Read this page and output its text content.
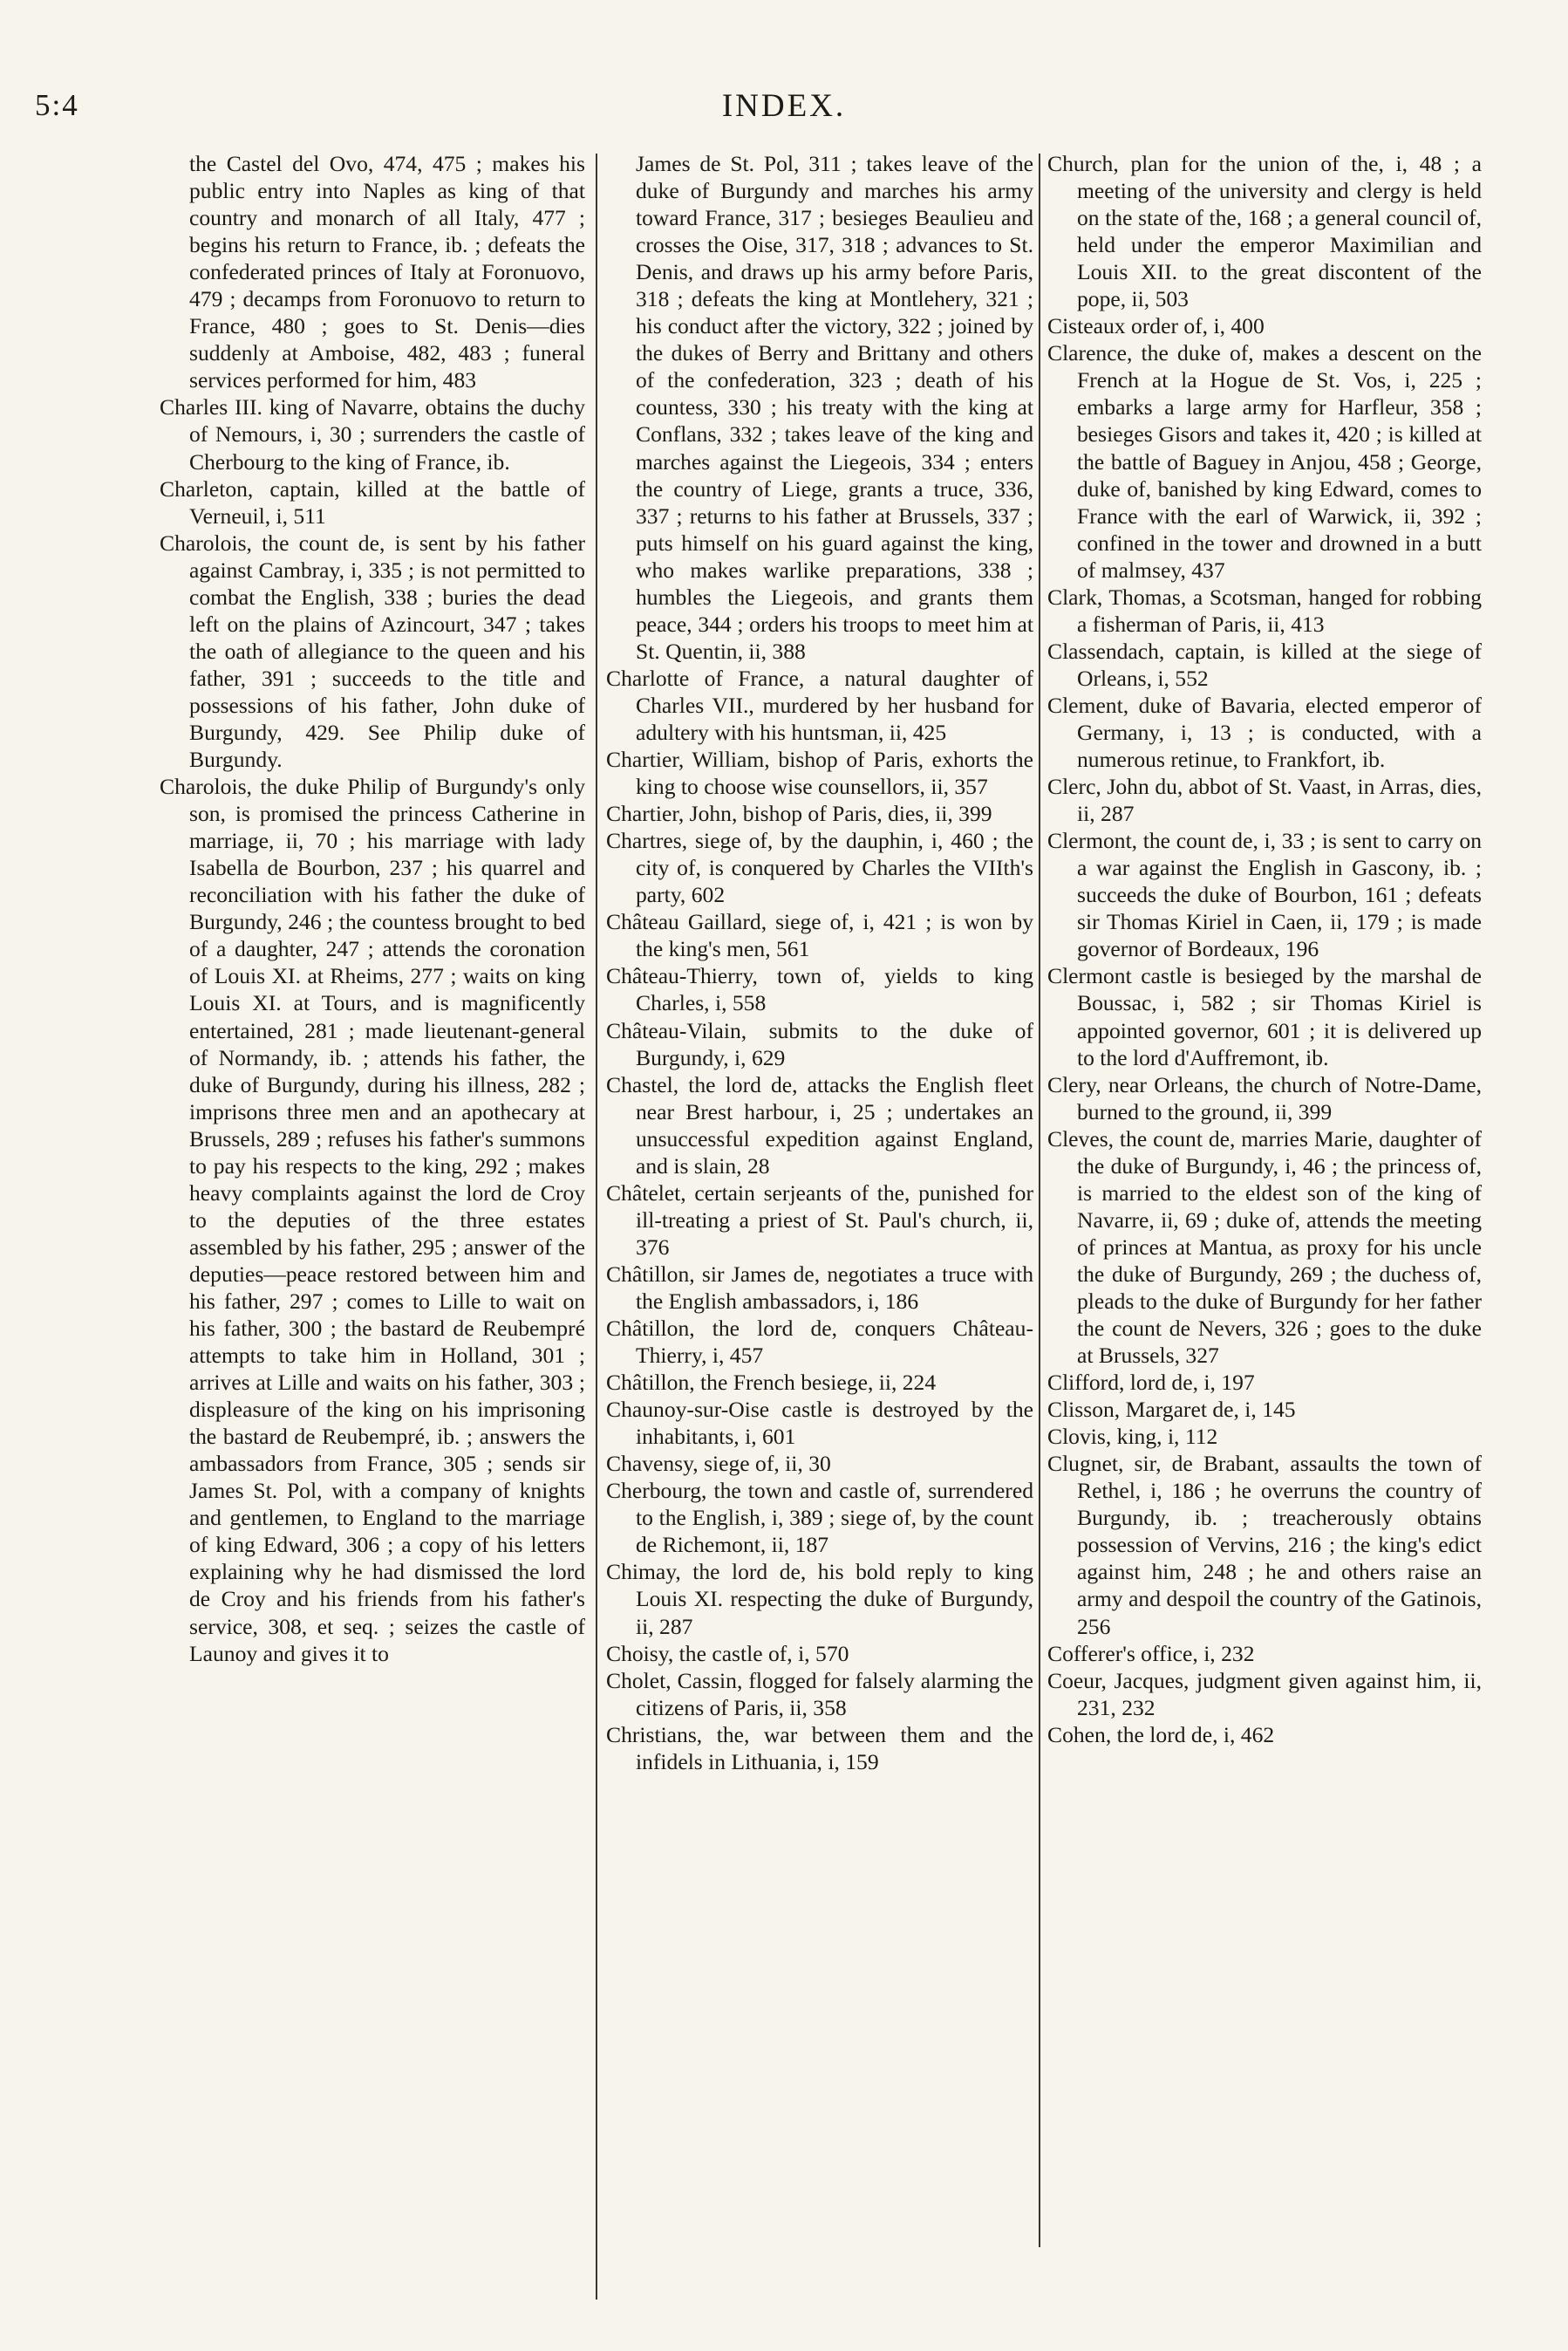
5:4	INDEX.

the Castel del Ovo, 474, 475 ; makes his public entry into Naples as king of that country and monarch of all Italy, 477 ; begins his return to France, ib. ; defeats the confederated princes of Italy at Foronuovo, 479 ; decamps from Foronuovo to return to France, 480 ; goes to St. Denis—dies suddenly at Amboise, 482, 483 ; funeral services performed for him, 483

Charles III. king of Navarre, obtains the duchy of Nemours, i, 30 ; surrenders the castle of Cherbourg to the king of France, ib.

Charleton, captain, killed at the battle of Verneuil, i, 511

Charolois, the count de, is sent by his father against Cambray, i, 335 ; is not permitted to combat the English, 338 ; buries the dead left on the plains of Azincourt, 347 ; takes the oath of allegiance to the queen and his father, 391 ; succeeds to the title and possessions of his father, John duke of Burgundy, 429. See Philip duke of Burgundy.

Charolois, the duke Philip of Burgundy's only son, is promised the princess Catherine in marriage, ii, 70 ; his marriage with lady Isabella de Bourbon, 237 ; his quarrel and reconciliation with his father the duke of Burgundy, 246 ; the countess brought to bed of a daughter, 247 ; attends the coronation of Louis XI. at Rheims, 277 ; waits on king Louis XI. at Tours, and is magnificently entertained, 281 ; made lieutenant-general of Normandy, ib. ; attends his father, the duke of Burgundy, during his illness, 282 ; imprisons three men and an apothecary at Brussels, 289 ; refuses his father's summons to pay his respects to the king, 292 ; makes heavy complaints against the lord de Croy to the deputies of the three estates assembled by his father, 295 ; answer of the deputies—peace restored between him and his father, 297 ; comes to Lille to wait on his father, 300 ; the bastard de Reubempré attempts to take him in Holland, 301 ; arrives at Lille and waits on his father, 303 ; displeasure of the king on his imprisoning the bastard de Reubempré, ib. ; answers the ambassadors from France, 305 ; sends sir James St. Pol, with a company of knights and gentlemen, to England to the marriage of king Edward, 306 ; a copy of his letters explaining why he had dismissed the lord de Croy and his friends from his father's service, 308, et seq. ; seizes the castle of Launoy and gives it to

James de St. Pol, 311 ; takes leave of the duke of Burgundy and marches his army toward France, 317 ; besieges Beaulieu and crosses the Oise, 317, 318 ; advances to St. Denis, and draws up his army before Paris, 318 ; defeats the king at Montlehery, 321 ; his conduct after the victory, 322 ; joined by the dukes of Berry and Brittany and others of the confederation, 323 ; death of his countess, 330 ; his treaty with the king at Conflans, 332 ; takes leave of the king and marches against the Liegeois, 334 ; enters the country of Liege, grants a truce, 336, 337 ; returns to his father at Brussels, 337 ; puts himself on his guard against the king, who makes warlike preparations, 338 ; humbles the Liegeois, and grants them peace, 344 ; orders his troops to meet him at St. Quentin, ii, 388

Charlotte of France, a natural daughter of Charles VII., murdered by her husband for adultery with his huntsman, ii, 425

Chartier, William, bishop of Paris, exhorts the king to choose wise counsellors, ii, 357

Chartier, John, bishop of Paris, dies, ii, 399

Chartres, siege of, by the dauphin, i, 460 ; the city of, is conquered by Charles the VIIth's party, 602

Château Gaillard, siege of, i, 421 ; is won by the king's men, 561

Château-Thierry, town of, yields to king Charles, i, 558

Château-Vilain, submits to the duke of Burgundy, i, 629

Chastel, the lord de, attacks the English fleet near Brest harbour, i, 25 ; undertakes an unsuccessful expedition against England, and is slain, 28

Châtelet, certain serjeants of the, punished for ill-treating a priest of St. Paul's church, ii, 376

Châtillon, sir James de, negotiates a truce with the English ambassadors, i, 186

Châtillon, the lord de, conquers Château-Thierry, i, 457

Châtillon, the French besiege, ii, 224

Chaunoy-sur-Oise castle is destroyed by the inhabitants, i, 601

Chavensy, siege of, ii, 30

Cherbourg, the town and castle of, surrendered to the English, i, 389 ; siege of, by the count de Richemont, ii, 187

Chimay, the lord de, his bold reply to king Louis XI. respecting the duke of Burgundy, ii, 287

Choisy, the castle of, i, 570

Cholet, Cassin, flogged for falsely alarming the citizens of Paris, ii, 358

Christians, the, war between them and the infidels in Lithuania, i, 159

Church, plan for the union of the, i, 48 ; a meeting of the university and clergy is held on the state of the, 168 ; a general council of, held under the emperor Maximilian and Louis XII. to the great discontent of the pope, ii, 503

Cisteaux order of, i, 400

Clarence, the duke of, makes a descent on the French at la Hogue de St. Vos, i, 225 ; embarks a large army for Harfleur, 358 ; besieges Gisors and takes it, 420 ; is killed at the battle of Baguey in Anjou, 458 ; George, duke of, banished by king Edward, comes to France with the earl of Warwick, ii, 392 ; confined in the tower and drowned in a butt of malmsey, 437

Clark, Thomas, a Scotsman, hanged for robbing a fisherman of Paris, ii, 413

Classendach, captain, is killed at the siege of Orleans, i, 552

Clement, duke of Bavaria, elected emperor of Germany, i, 13 ; is conducted, with a numerous retinue, to Frankfort, ib.

Clerc, John du, abbot of St. Vaast, in Arras, dies, ii, 287

Clermont, the count de, i, 33 ; is sent to carry on a war against the English in Gascony, ib. ; succeeds the duke of Bourbon, 161 ; defeats sir Thomas Kiriel in Caen, ii, 179 ; is made governor of Bordeaux, 196

Clermont castle is besieged by the marshal de Boussac, i, 582 ; sir Thomas Kiriel is appointed governor, 601 ; it is delivered up to the lord d'Auffremont, ib.

Clery, near Orleans, the church of Notre-Dame, burned to the ground, ii, 399

Cleves, the count de, marries Marie, daughter of the duke of Burgundy, i, 46 ; the princess of, is married to the eldest son of the king of Navarre, ii, 69 ; duke of, attends the meeting of princes at Mantua, as proxy for his uncle the duke of Burgundy, 269 ; the duchess of, pleads to the duke of Burgundy for her father the count de Nevers, 326 ; goes to the duke at Brussels, 327

Clifford, lord de, i, 197

Clisson, Margaret de, i, 145

Clovis, king, i, 112

Clugnet, sir, de Brabant, assaults the town of Rethel, i, 186 ; he overruns the country of Burgundy, ib. ; treacherously obtains possession of Vervins, 216 ; the king's edict against him, 248 ; he and others raise an army and despoil the country of the Gatinois, 256

Cofferer's office, i, 232

Coeur, Jacques, judgment given against him, ii, 231, 232

Cohen, the lord de, i, 462
